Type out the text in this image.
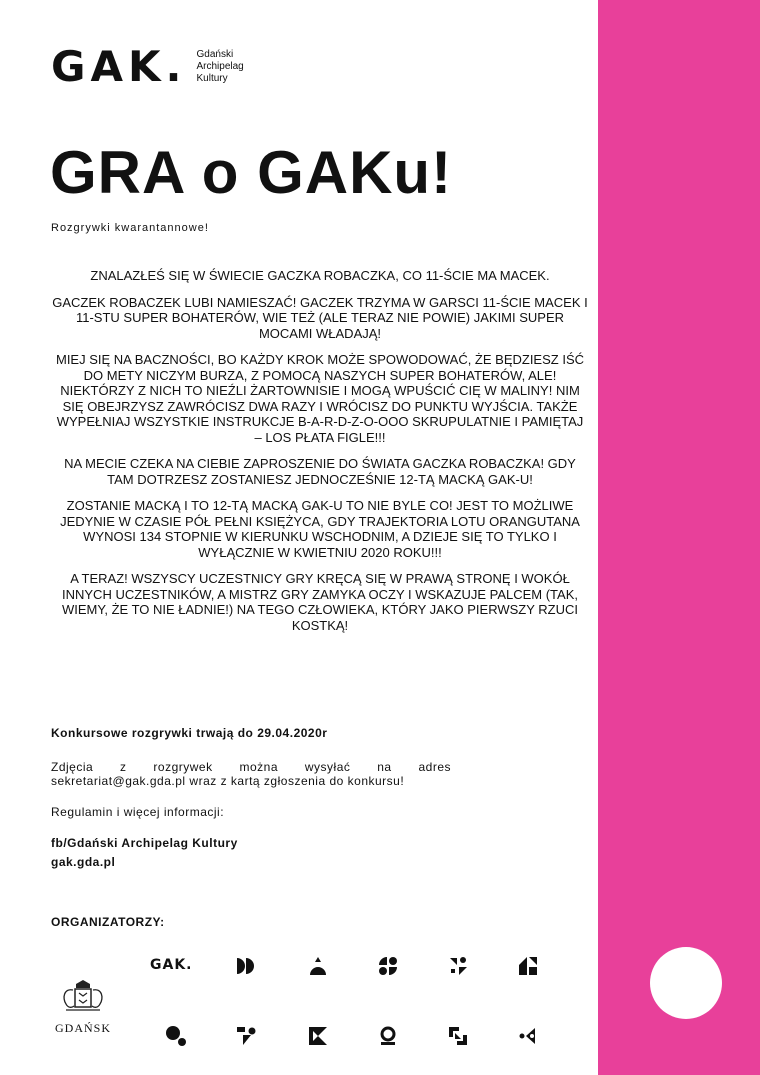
GAK. Gdański
Archipelag
Kultury
GRA o GAKu!

Rozgrywki kwarantannowe!

ZNALAZŁEŚ SIĘ W ŚWIECIE GACZKA ROBACZKA, CO 11-ŚCIE MA MACEK.

GACZEK ROBACZEK LUBI NAMIESZAĆ! GACZEK TRZYMA W GARSCI 11-ŚCIE MACEK I 11-STU SUPER BOHATERÓW, WIE TEŻ (ALE TERAZ NIE POWIE) JAKIMI SUPER MOCAMI WŁADAJĄ!

MIEJ SIĘ NA BACZNOŚCI, BO KAŻDY KROK MOŻE SPOWODOWAĆ, ŻE BĘDZIESZ IŚĆ DO METY NICZYM BURZA, Z POMOCĄ NASZYCH SUPER BOHATERÓW, ALE! NIEKTÓRZY Z NICH TO NIEŹLI ŻARTOWNISIE I MOGĄ WPUŚCIĆ CIĘ W MALINY! NIM SIĘ OBEJRZYSZ ZAWRÓCISZ DWA RAZY I WRÓCISZ DO PUNKTU WYJŚCIA. TAKŻE WYPEŁNIAJ WSZYSTKIE INSTRUKCJE B-A-R-D-Z-O-OOO SKRUPULATNIE I PAMIĘTAJ – LOS PŁATA FIGLE!!!

NA MECIE CZEKA NA CIEBIE ZAPROSZENIE DO ŚWIATA GACZKA ROBACZKA! GDY TAM DOTRZESZ ZOSTANIESZ JEDNOCZEŚNIE 12-TĄ MACKĄ GAK-U!

ZOSTANIE MACKĄ I TO 12-TĄ MACKĄ GAK-U TO NIE BYLE CO! JEST TO MOŻLIWE JEDYNIE W CZASIE PÓŁ PEŁNI KSIĘŻYCA, GDY TRAJEKTORIA LOTU ORANGUTANA WYNOSI 134 STOPNIE W KIERUNKU WSCHODNIM, A DZIEJE SIĘ TO TYLKO I WYŁĄCZNIE W KWIETNIU 2020 ROKU!!!

A TERAZ! WSZYSCY UCZESTNICY GRY KRĘCĄ SIĘ W PRAWĄ STRONĘ I WOKÓŁ INNYCH UCZESTNIKÓW, A MISTRZ GRY ZAMYKA OCZY I WSKAZUJE PALCEM (TAK, WIEMY, ŻE TO NIE ŁADNIE!) NA TEGO CZŁOWIEKA, KTÓRY JAKO PIERWSZY RZUCI KOSTKĄ!

Konkursowe rozgrywki trwają do 29.04.2020r

Zdjęcia z rozgrywek można wysyłać na adres sekretariat@gak.gda.pl wraz z kartą zgłoszenia do konkursu!

Regulamin i więcej informacji:

fb/Gdański Archipelag Kultury
gak.gda.pl

ORGANIZATORZY:

GDAŃSK
GAK.
